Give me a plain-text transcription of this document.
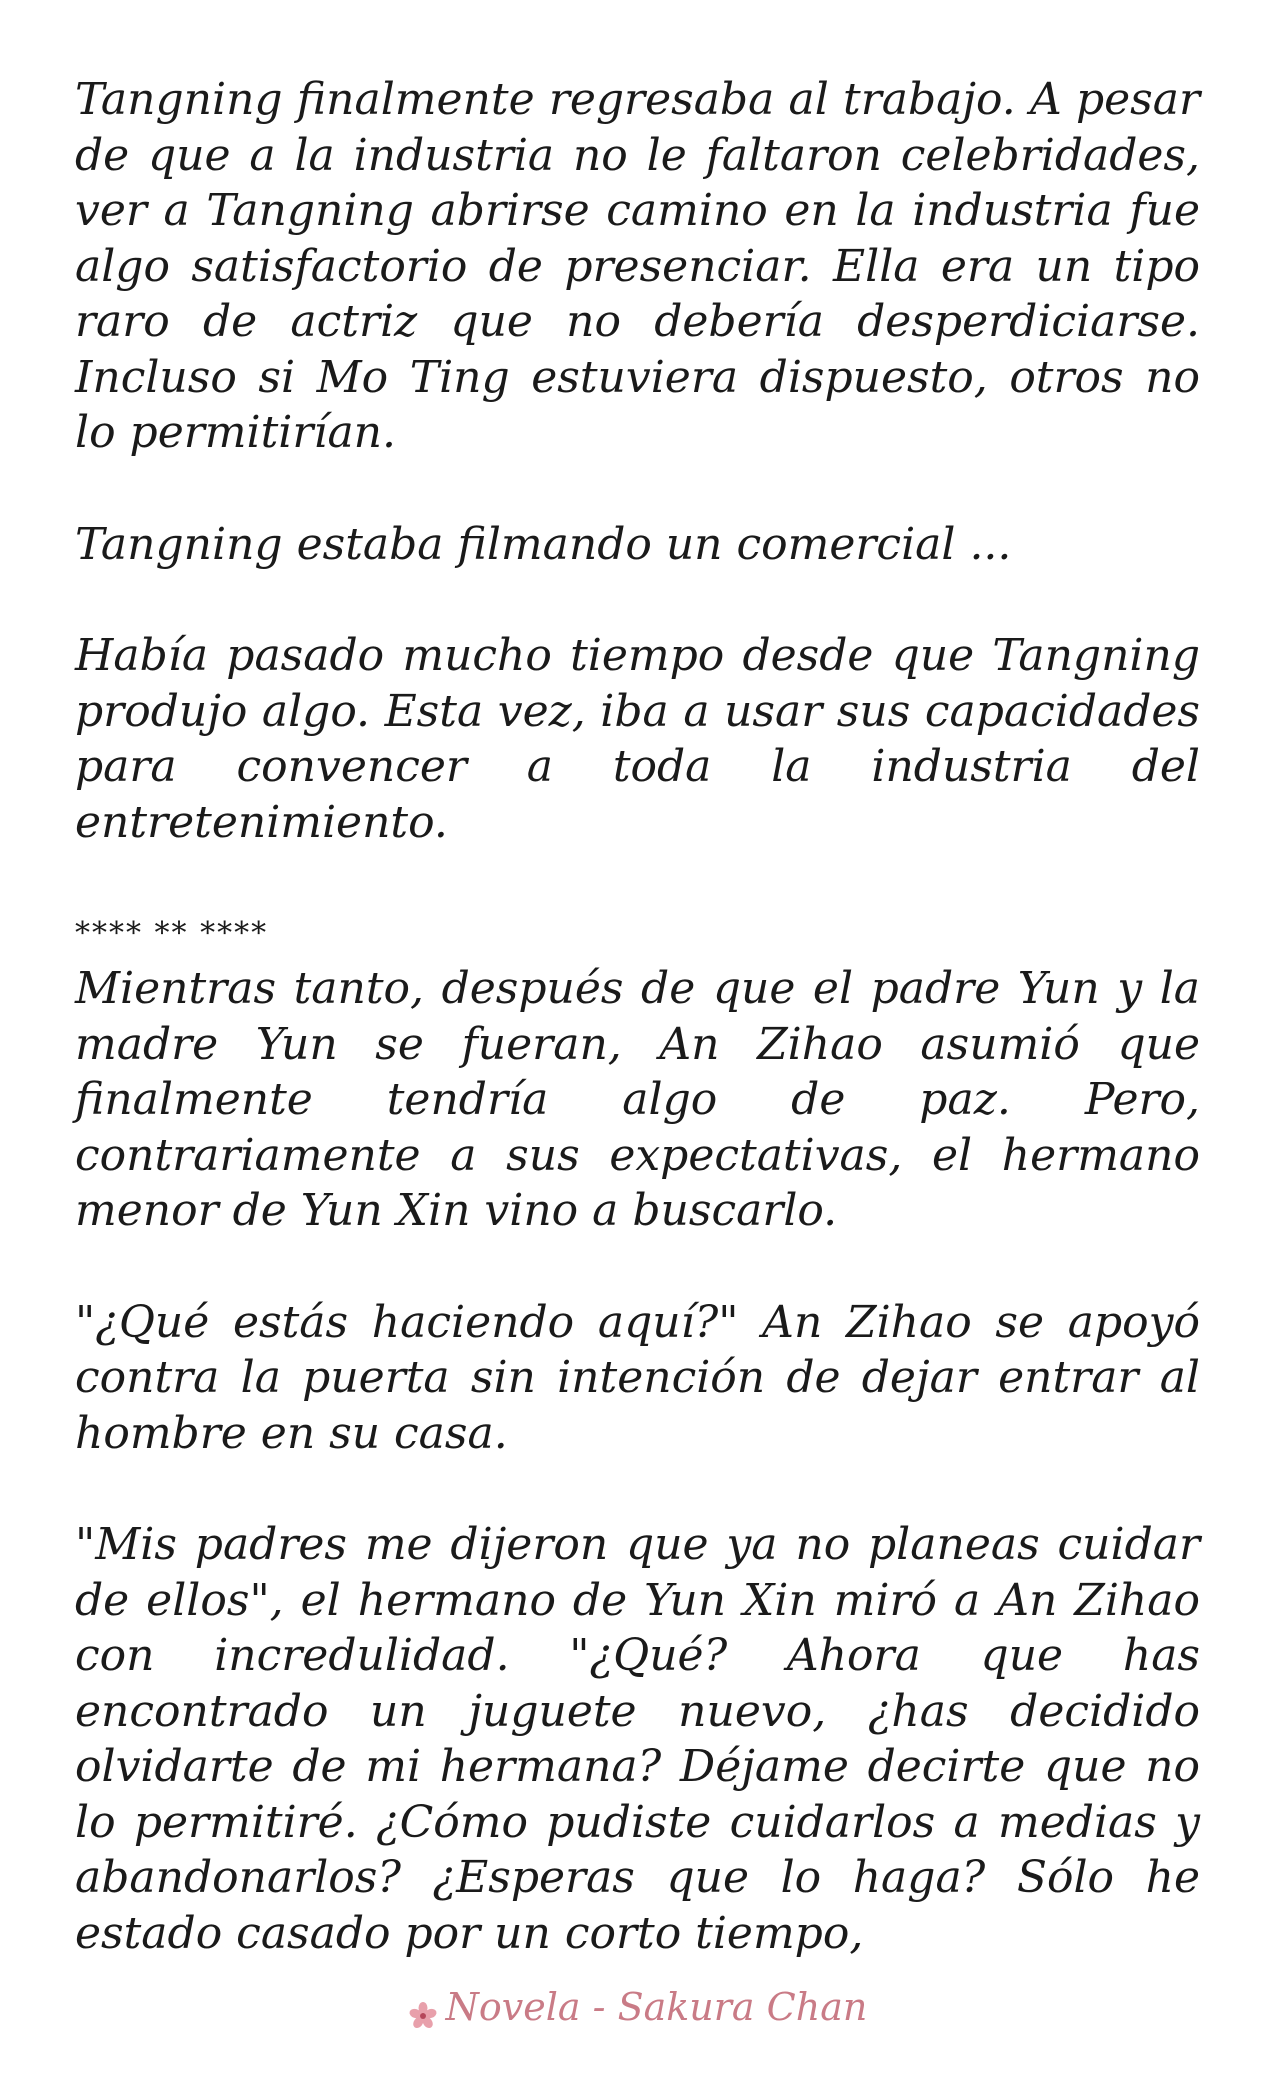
Tangning finalmente regresaba al trabajo. A pesar de que a la industria no le faltaron celebridades, ver a Tangning abrirse camino en la industria fue algo satisfactorio de presenciar. Ella era un tipo raro de actriz que no debería desperdiciarse. Incluso si Mo Ting estuviera dispuesto, otros no lo permitirían.

Tangning estaba filmando un comercial ...

Había pasado mucho tiempo desde que Tangning produjo algo. Esta vez, iba a usar sus capacidades para convencer a toda la industria del entretenimiento.

**** ** ****

Mientras tanto, después de que el padre Yun y la madre Yun se fueran, An Zihao asumió que finalmente tendría algo de paz. Pero, contrariamente a sus expectativas, el hermano menor de Yun Xin vino a buscarlo.

"¿Qué estás haciendo aquí?" An Zihao se apoyó contra la puerta sin intención de dejar entrar al hombre en su casa.

"Mis padres me dijeron que ya no planeas cuidar de ellos", el hermano de Yun Xin miró a An Zihao con incredulidad. "¿Qué? Ahora que has encontrado un juguete nuevo, ¿has decidido olvidarte de mi hermana? Déjame decirte que no lo permitiré. ¿Cómo pudiste cuidarlos a medias y abandonarlos? ¿Esperas que lo haga? Sólo he estado casado por un corto tiempo,

Novela - Sakura Chan
